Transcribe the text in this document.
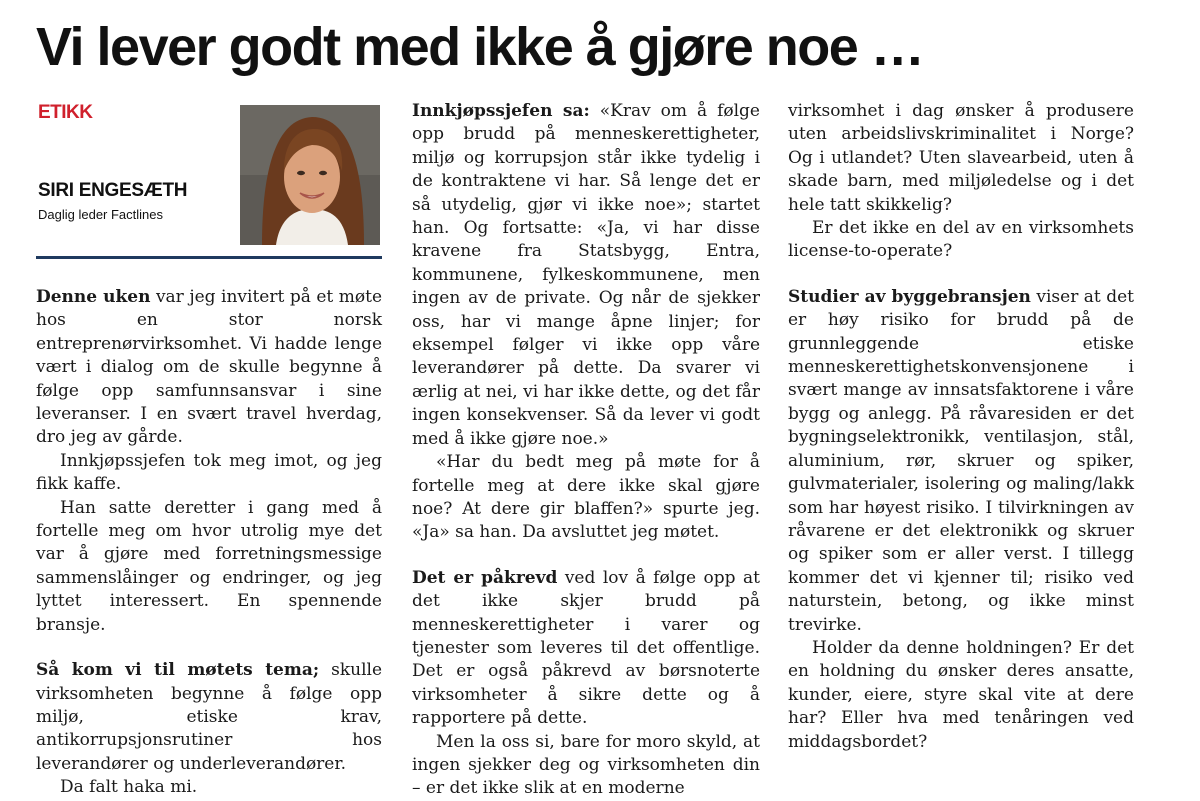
Vi lever godt med ikke å gjøre noe …
ETIKK
SIRI ENGESÆTH
Daglig leder Factlines

Denne uken var jeg invitert på et møte hos en stor norsk entreprenørvirksomhet. Vi hadde lenge vært i dialog om de skulle begynne å følge opp samfunnsansvar i sine leveranser. I en svært travel hverdag, dro jeg av gårde.

Innkjøpssjefen tok meg imot, og jeg fikk kaffe.

Han satte deretter i gang med å fortelle meg om hvor utrolig mye det var å gjøre med forretningsmessige sammenslåinger og endringer, og jeg lyttet interessert. En spennende bransje.

Så kom vi til møtets tema; skulle virksomheten begynne å følge opp miljø, etiske krav, antikorrupsjonsrutiner hos leverandører og underleverandører.

Da falt haka mi.

Innkjøpssjefen sa: «Krav om å følge opp brudd på menneskerettigheter, miljø og korrupsjon står ikke tydelig i de kontraktene vi har. Så lenge det er så utydelig, gjør vi ikke noe»; startet han. Og fortsatte: «Ja, vi har disse kravene fra Statsbygg, Entra, kommunene, fylkeskommunene, men ingen av de private. Og når de sjekker oss, har vi mange åpne linjer; for eksempel følger vi ikke opp våre leverandører på dette. Da svarer vi ærlig at nei, vi har ikke dette, og det får ingen konsekvenser. Så da lever vi godt med å ikke gjøre noe.»

«Har du bedt meg på møte for å fortelle meg at dere ikke skal gjøre noe? At dere gir blaffen?» spurte jeg. «Ja» sa han. Da avsluttet jeg møtet.

Det er påkrevd ved lov å følge opp at det ikke skjer brudd på menneskerettigheter i varer og tjenester som leveres til det offentlige. Det er også påkrevd av børsnoterte virksomheter å sikre dette og å rapportere på dette.

Men la oss si, bare for moro skyld, at ingen sjekker deg og virksomheten din – er det ikke slik at en moderne

virksomhet i dag ønsker å produsere uten arbeidslivskriminalitet i Norge? Og i utlandet? Uten slavearbeid, uten å skade barn, med miljøledelse og i det hele tatt skikkelig?

Er det ikke en del av en virksomhets license-to-operate?

Studier av byggebransjen viser at det er høy risiko for brudd på de grunnleggende etiske menneskerettighetskonvensjonene i svært mange av innsatsfaktorene i våre bygg og anlegg. På råvaresiden er det bygningselektronikk, ventilasjon, stål, aluminium, rør, skruer og spiker, gulvmaterialer, isolering og maling/lakk som har høyest risiko. I tilvirkningen av råvarene er det elektronikk og skruer og spiker som er aller verst. I tillegg kommer det vi kjenner til; risiko ved naturstein, betong, og ikke minst trevirke.

Holder da denne holdningen? Er det en holdning du ønsker deres ansatte, kunder, eiere, styre skal vite at dere har? Eller hva med tenåringen ved middagsbordet?
